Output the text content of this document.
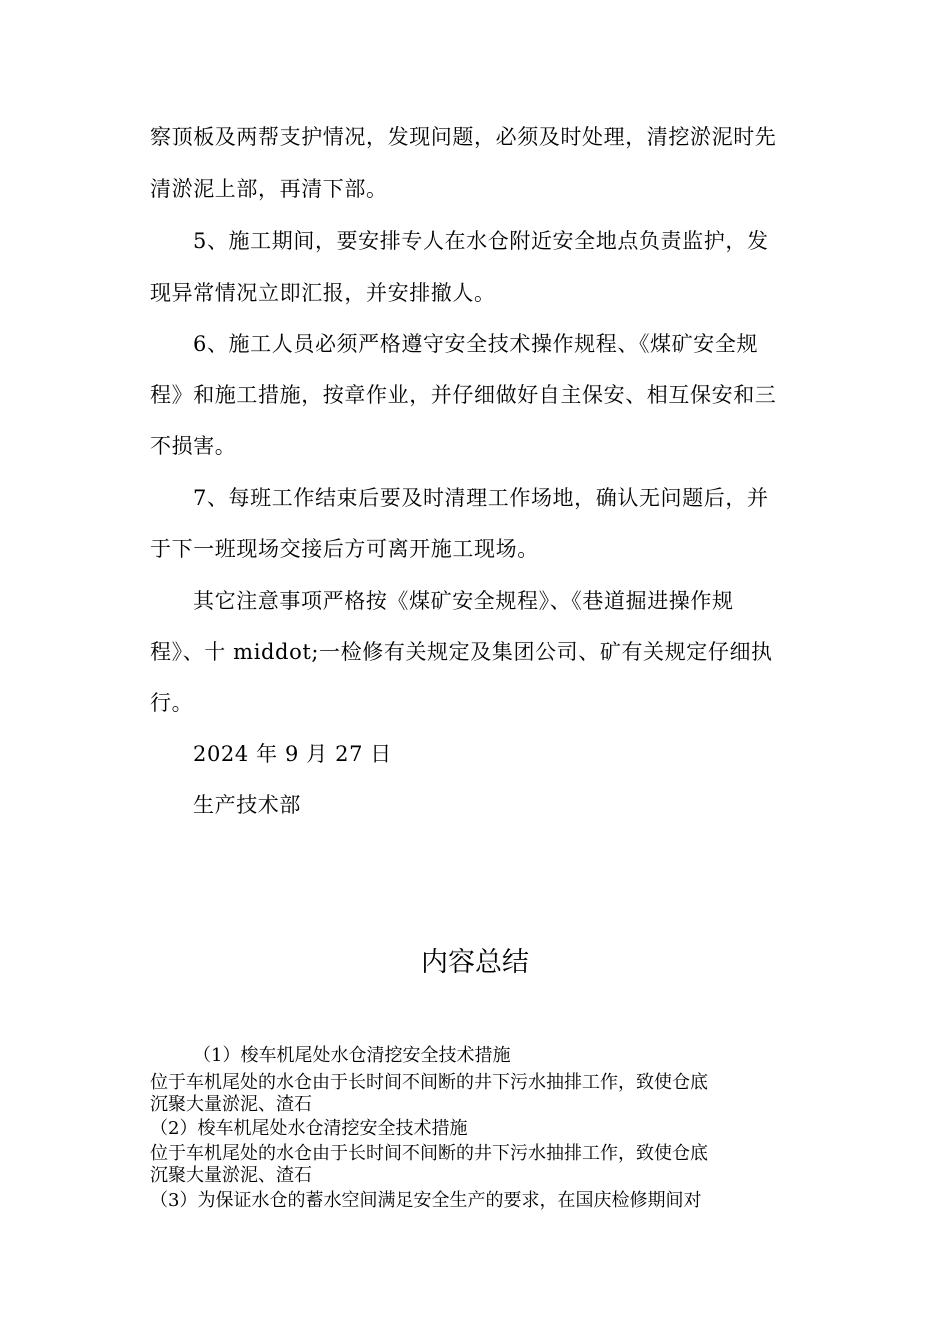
察顶板及两帮支护情况，发现问题，必须及时处理，清挖淤泥时先
清淤泥上部，再清下部。
5、施工期间，要安排专人在水仓附近安全地点负责监护，发
现异常情况立即汇报，并安排撤人。
6、施工人员必须严格遵守安全技术操作规程、《煤矿安全规
程》和施工措施，按章作业，并仔细做好自主保安、相互保安和三
不损害。
7、每班工作结束后要及时清理工作场地，确认无问题后，并
于下一班现场交接后方可离开施工现场。
其它注意事项严格按《煤矿安全规程》、《巷道掘进操作规
程》、十 middot;一检修有关规定及集团公司、矿有关规定仔细执
行。
2024 年 9 月 27 日
生产技术部
内容总结
（1）梭车机尾处水仓清挖安全技术措施
位于车机尾处的水仓由于长时间不间断的井下污水抽排工作，致使仓底
沉聚大量淤泥、渣石
（2）梭车机尾处水仓清挖安全技术措施
位于车机尾处的水仓由于长时间不间断的井下污水抽排工作，致使仓底
沉聚大量淤泥、渣石
（3）为保证水仓的蓄水空间满足安全生产的要求，在国庆检修期间对
